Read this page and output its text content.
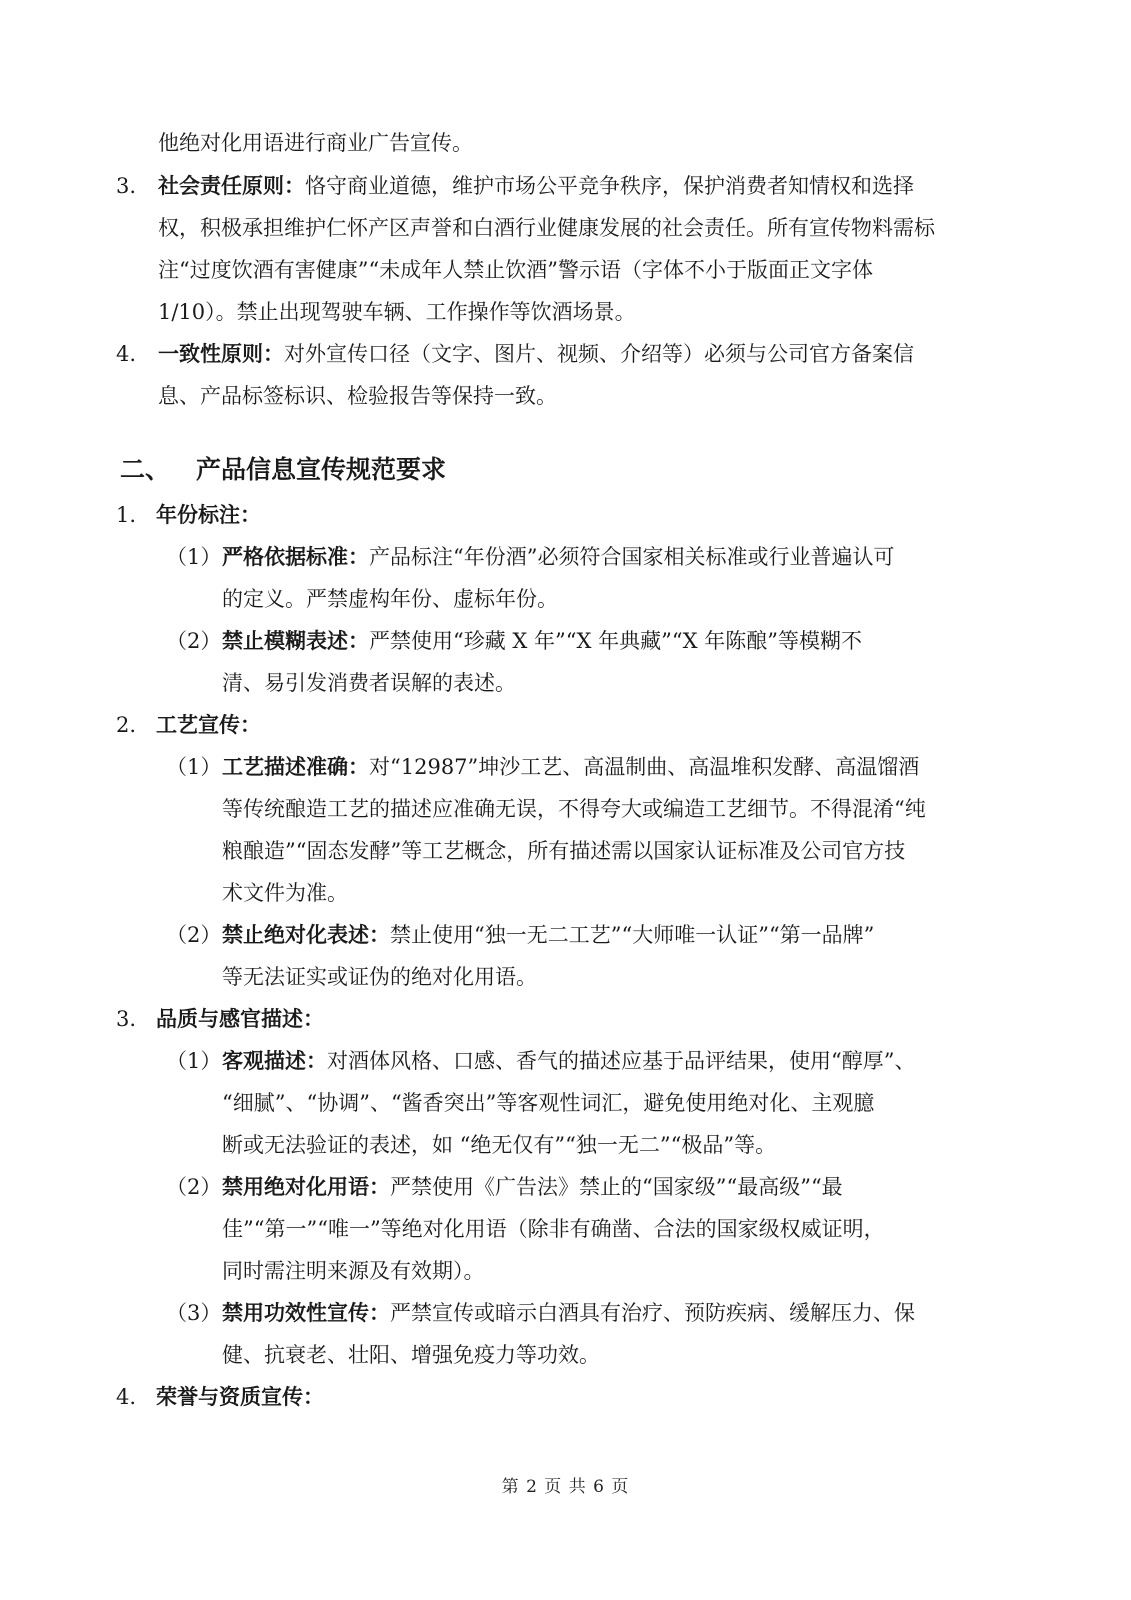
他绝对化用语进行商业广告宣传。
3. 社会责任原则：恪守商业道德，维护市场公平竞争秩序，保护消费者知情权和选择
权，积极承担维护仁怀产区声誉和白酒行业健康发展的社会责任。所有宣传物料需标
注“过度饮酒有害健康”“未成年人禁止饮酒”警示语（字体不小于版面正文字体
1/10）。禁止出现驾驶车辆、工作操作等饮酒场景。
4. 一致性原则：对外宣传口径（文字、图片、视频、介绍等）必须与公司官方备案信
息、产品标签标识、检验报告等保持一致。
二、 产品信息宣传规范要求
1. 年份标注：
（1） 严格依据标准：产品标注“年份酒”必须符合国家相关标准或行业普遍认可
的定义。严禁虚构年份、虚标年份。
（2） 禁止模糊表述：严禁使用“珍藏 X 年”“X 年典藏”“X 年陈酿”等模糊不
清、易引发消费者误解的表述。
2. 工艺宣传：
（1） 工艺描述准确：对“12987”坤沙工艺、高温制曲、高温堆积发酵、高温馏酒
等传统酿造工艺的描述应准确无误，不得夸大或编造工艺细节。不得混淆“纯
粮酿造”“固态发酵”等工艺概念，所有描述需以国家认证标准及公司官方技
术文件为准。
（2） 禁止绝对化表述：禁止使用“独一无二工艺”“大师唯一认证”“第一品牌”
等无法证实或证伪的绝对化用语。
3. 品质与感官描述：
（1） 客观描述：对酒体风格、口感、香气的描述应基于品评结果，使用“醇厚”、
“细腻”、“协调”、“酱香突出”等客观性词汇，避免使用绝对化、主观臆
断或无法验证的表述，如 “绝无仅有”“独一无二”“极品”等。
（2） 禁用绝对化用语：严禁使用《广告法》禁止的“国家级”“最高级”“最
佳”“第一”“唯一”等绝对化用语（除非有确凿、合法的国家级权威证明，
同时需注明来源及有效期）。
（3） 禁用功效性宣传：严禁宣传或暗示白酒具有治疗、预防疾病、缓解压力、保
健、抗衰老、壮阳、增强免疫力等功效。
4. 荣誉与资质宣传：
第 2 页 共 6 页
